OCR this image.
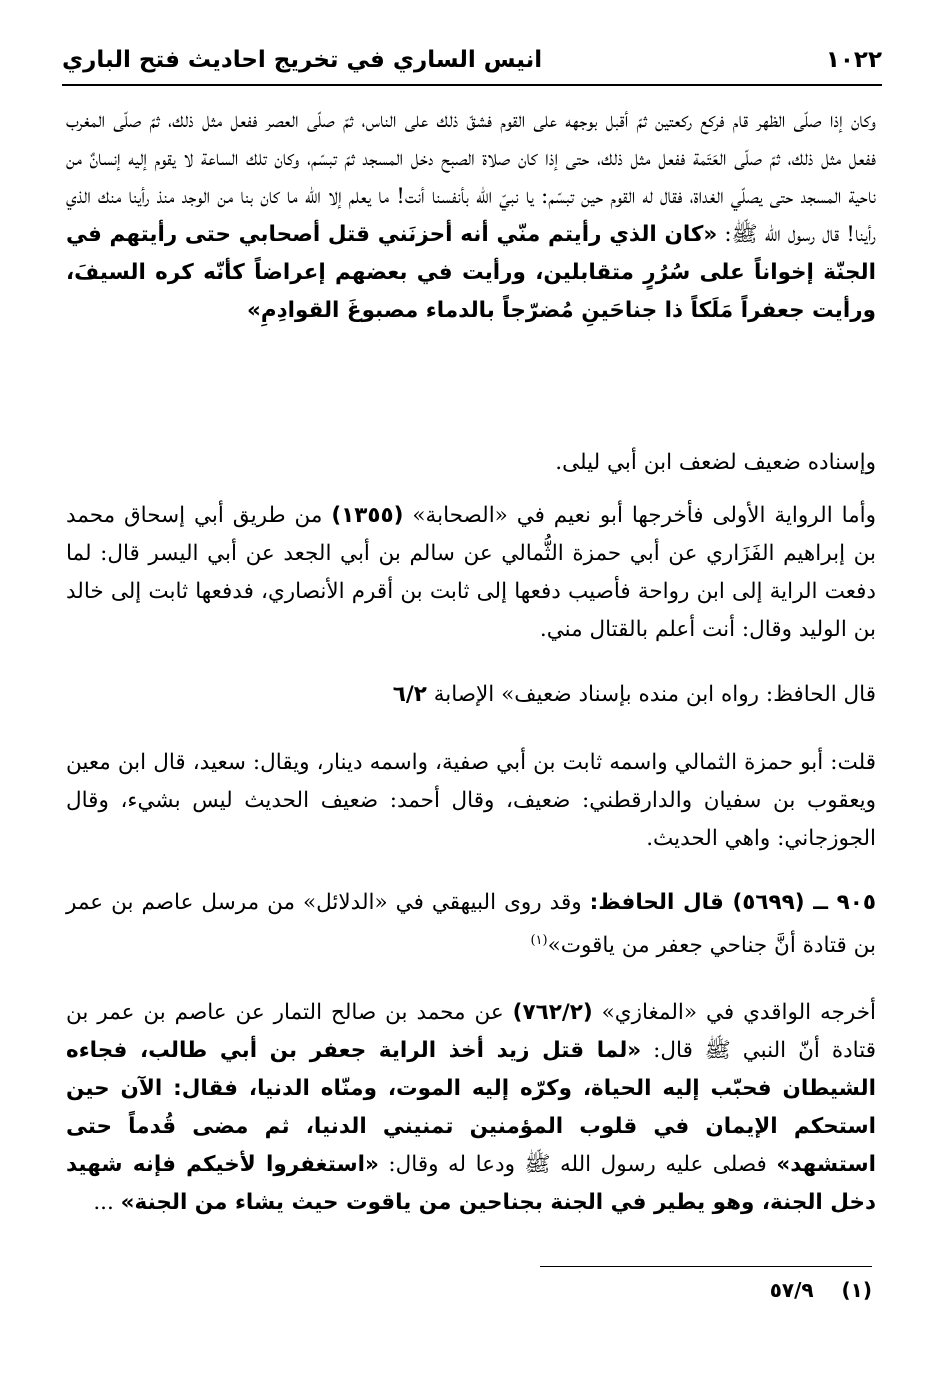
١٠٢٢
انيس الساري في تخريج احاديث فتح الباري
وكان إذا صلّى الظهر قام فركع ركعتين ثمّ أقبل بوجهه على القوم فشقّ ذلك على الناس، ثمّ صلّى العصر ففعل مثل ذلك، ثمّ صلّى المغرب ففعل مثل ذلك، ثمّ صلّى العَتَمة ففعل مثل ذلك، حتى إذا كان صلاة الصبح دخل المسجد ثمّ تبسّم، وكان تلك الساعة لا يقوم إليه إنسانٌ من ناحية المسجد حتى يصلّي الغداة، فقال له القوم حين تبسّم: يا نبيّ الله بأنفسنا أنت! ما يعلم إلا الله ما كان بنا من الوجد منذ رأينا منك الذي رأينا! قال رسول الله ﷺ: «كان الذي رأيتم منّي أنه أحزنَني قتل أصحابي حتى رأيتهم في الجنّة إخواناً على سُرُرٍ متقابلين، ورأيت في بعضهم إعراضاً كأنّه كره السيفَ، ورأيت جعفراً مَلَكاً ذا جناحَينِ مُضرّجاً بالدماء مصبوغَ القوادِمِ»
وإسناده ضعيف لضعف ابن أبي ليلى.
وأما الرواية الأولى فأخرجها أبو نعيم في «الصحابة» (١٣٥٥) من طريق أبي إسحاق محمد بن إبراهيم الفَزَاري عن أبي حمزة الثُّمالي عن سالم بن أبي الجعد عن أبي اليسر قال: لما دفعت الراية إلى ابن رواحة فأصيب دفعها إلى ثابت بن أقرم الأنصاري، فدفعها ثابت إلى خالد بن الوليد وقال: أنت أعلم بالقتال مني.
قال الحافظ: رواه ابن منده بإسناد ضعيف» الإصابة ٦/٢
قلت: أبو حمزة الثمالي واسمه ثابت بن أبي صفية، واسمه دينار، ويقال: سعيد، قال ابن معين ويعقوب بن سفيان والدارقطني: ضعيف، وقال أحمد: ضعيف الحديث ليس بشيء، وقال الجوزجاني: واهي الحديث.
٩٠٥ ــ (٥٦٩٩) قال الحافظ: وقد روى البيهقي في «الدلائل» من مرسل عاصم بن عمر بن قتادة أنَّ جناحي جعفر من ياقوت»$^{(١)}$
أخرجه الواقدي في «المغازي» (٧٦٢/٢) عن محمد بن صالح التمار عن عاصم بن عمر بن قتادة أنّ النبي ﷺ قال: «لما قتل زيد أخذ الراية جعفر بن أبي طالب، فجاءه الشيطان فحبّب إليه الحياة، وكرّه إليه الموت، ومنّاه الدنيا، فقال: الآن حين استحكم الإيمان في قلوب المؤمنين تمنيني الدنيا، ثم مضى قُدماً حتى استشهد» فصلى عليه رسول الله ﷺ ودعا له وقال: «استغفروا لأخيكم فإنه شهيد دخل الجنة، وهو يطير في الجنة بجناحين من ياقوت حيث يشاء من الجنة» ...
(١)    ٥٧/٩
